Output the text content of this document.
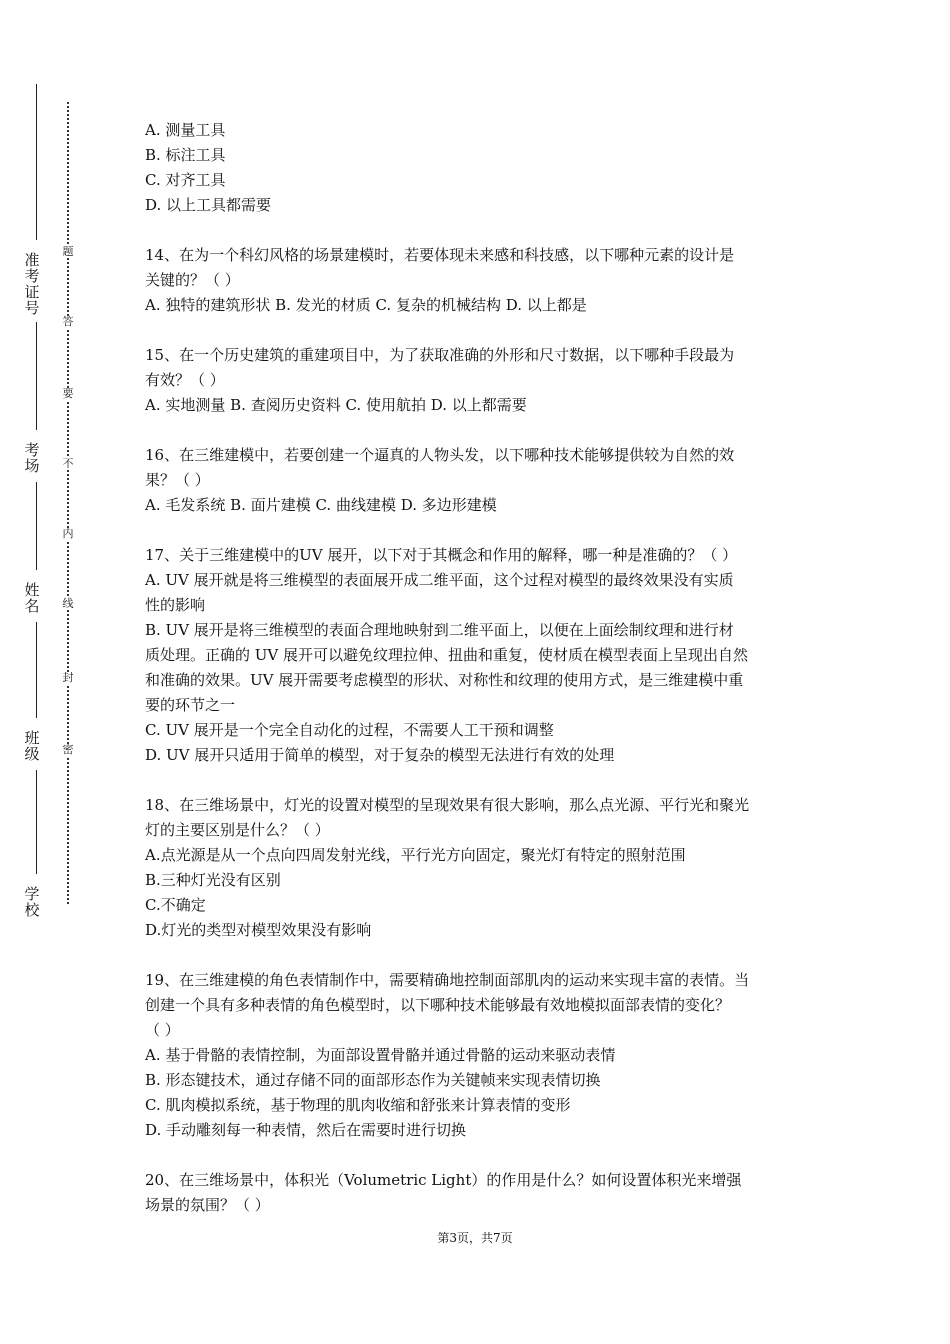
准考证号
考场
姓名
班级
学校
题
答
要
不
内
线
封
密
A. 测量工具
B. 标注工具
C. 对齐工具
D. 以上工具都需要
14、在为一个科幻风格的场景建模时，若要体现未来感和科技感，以下哪种元素的设计是
关键的？（ ）
A. 独特的建筑形状 B. 发光的材质 C. 复杂的机械结构 D. 以上都是
15、在一个历史建筑的重建项目中，为了获取准确的外形和尺寸数据，以下哪种手段最为
有效？（ ）
A. 实地测量 B. 查阅历史资料 C. 使用航拍 D. 以上都需要
16、在三维建模中，若要创建一个逼真的人物头发，以下哪种技术能够提供较为自然的效
果？（ ）
A. 毛发系统 B. 面片建模 C. 曲线建模 D. 多边形建模
17、关于三维建模中的UV 展开，以下对于其概念和作用的解释，哪一种是准确的？（ ）
A. UV 展开就是将三维模型的表面展开成二维平面，这个过程对模型的最终效果没有实质
性的影响
B. UV 展开是将三维模型的表面合理地映射到二维平面上，以便在上面绘制纹理和进行材
质处理。正确的 UV 展开可以避免纹理拉伸、扭曲和重复，使材质在模型表面上呈现出自然
和准确的效果。UV 展开需要考虑模型的形状、对称性和纹理的使用方式，是三维建模中重
要的环节之一
C. UV 展开是一个完全自动化的过程，不需要人工干预和调整
D. UV 展开只适用于简单的模型，对于复杂的模型无法进行有效的处理
18、在三维场景中，灯光的设置对模型的呈现效果有很大影响，那么点光源、平行光和聚光
灯的主要区别是什么？（ ）
A.点光源是从一个点向四周发射光线，平行光方向固定，聚光灯有特定的照射范围
B.三种灯光没有区别
C.不确定
D.灯光的类型对模型效果没有影响
19、在三维建模的角色表情制作中，需要精确地控制面部肌肉的运动来实现丰富的表情。当
创建一个具有多种表情的角色模型时，以下哪种技术能够最有效地模拟面部表情的变化？
（ ）
A. 基于骨骼的表情控制，为面部设置骨骼并通过骨骼的运动来驱动表情
B. 形态键技术，通过存储不同的面部形态作为关键帧来实现表情切换
C. 肌肉模拟系统，基于物理的肌肉收缩和舒张来计算表情的变形
D. 手动雕刻每一种表情，然后在需要时进行切换
20、在三维场景中，体积光（Volumetric Light）的作用是什么？如何设置体积光来增强
场景的氛围？（ ）
第3页，共7页
